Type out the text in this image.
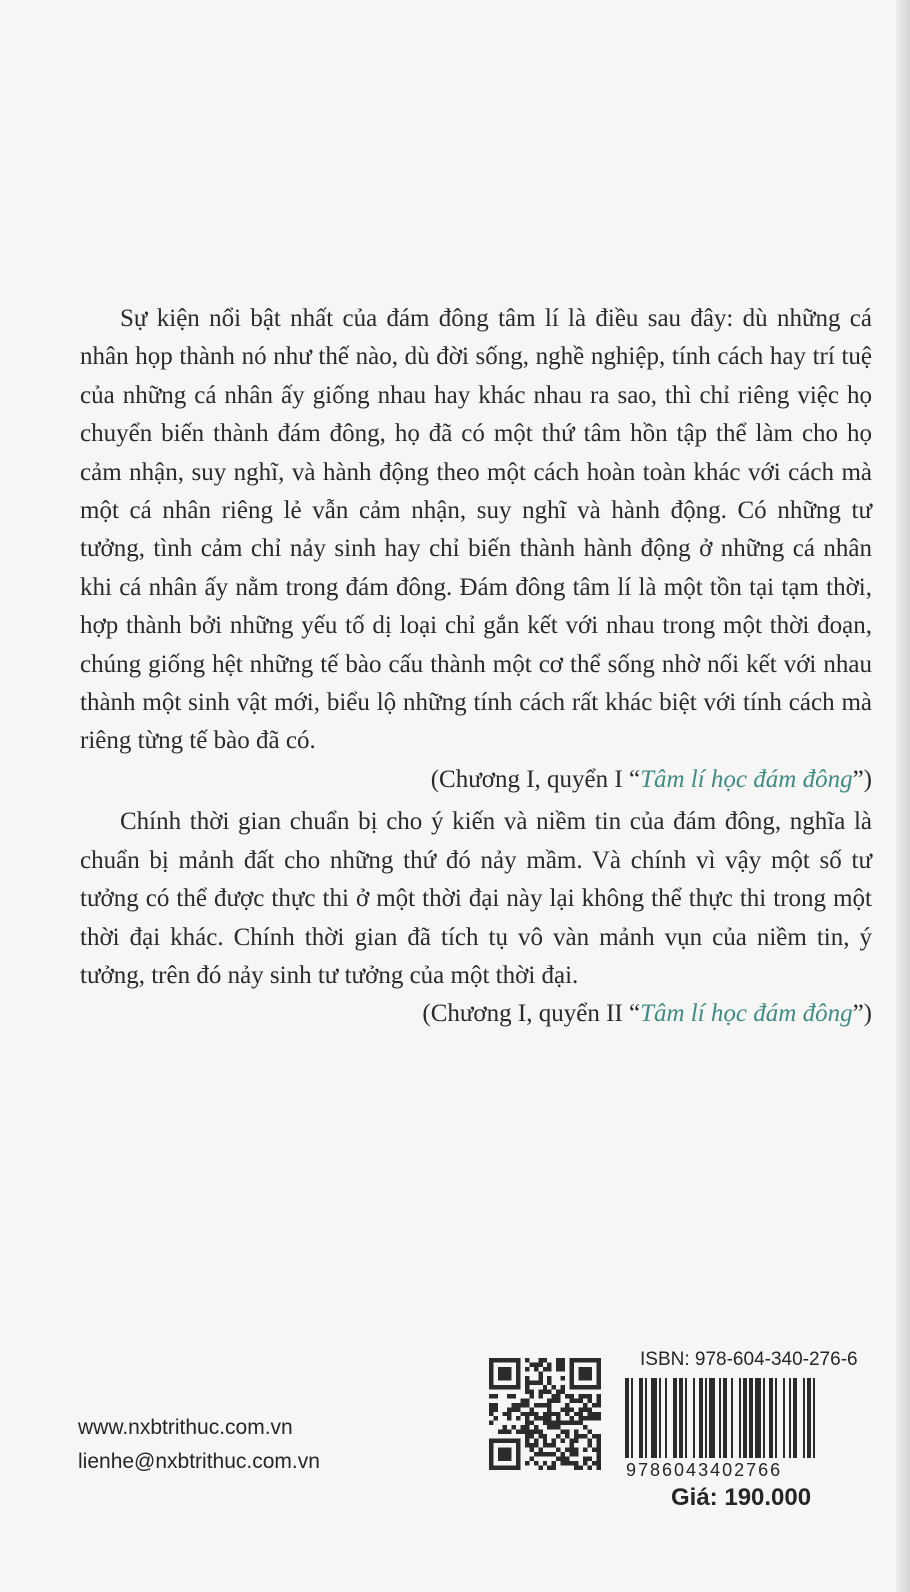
Sự kiện nổi bật nhất của đám đông tâm lí là điều sau đây: dù những cá nhân họp thành nó như thế nào, dù đời sống, nghề nghiệp, tính cách hay trí tuệ của những cá nhân ấy giống nhau hay khác nhau ra sao, thì chỉ riêng việc họ chuyển biến thành đám đông, họ đã có một thứ tâm hồn tập thể làm cho họ cảm nhận, suy nghĩ, và hành động theo một cách hoàn toàn khác với cách mà một cá nhân riêng lẻ vẫn cảm nhận, suy nghĩ và hành động. Có những tư tưởng, tình cảm chỉ nảy sinh hay chỉ biến thành hành động ở những cá nhân khi cá nhân ấy nằm trong đám đông. Đám đông tâm lí là một tồn tại tạm thời, hợp thành bởi những yếu tố dị loại chỉ gắn kết với nhau trong một thời đoạn, chúng giống hệt những tế bào cấu thành một cơ thể sống nhờ nối kết với nhau thành một sinh vật mới, biểu lộ những tính cách rất khác biệt với tính cách mà riêng từng tế bào đã có.

(Chương I, quyển I “Tâm lí học đám đông”)

Chính thời gian chuẩn bị cho ý kiến và niềm tin của đám đông, nghĩa là chuẩn bị mảnh đất cho những thứ đó nảy mầm. Và chính vì vậy một số tư tưởng có thể được thực thi ở một thời đại này lại không thể thực thi trong một thời đại khác. Chính thời gian đã tích tụ vô vàn mảnh vụn của niềm tin, ý tưởng, trên đó nảy sinh tư tưởng của một thời đại.

(Chương I, quyển II “Tâm lí học đám đông”)
www.nxbtrithuc.com.vn
lienhe@nxbtrithuc.com.vn
ISBN: 978-604-340-276-6
9786043402766
Giá: 190.000
